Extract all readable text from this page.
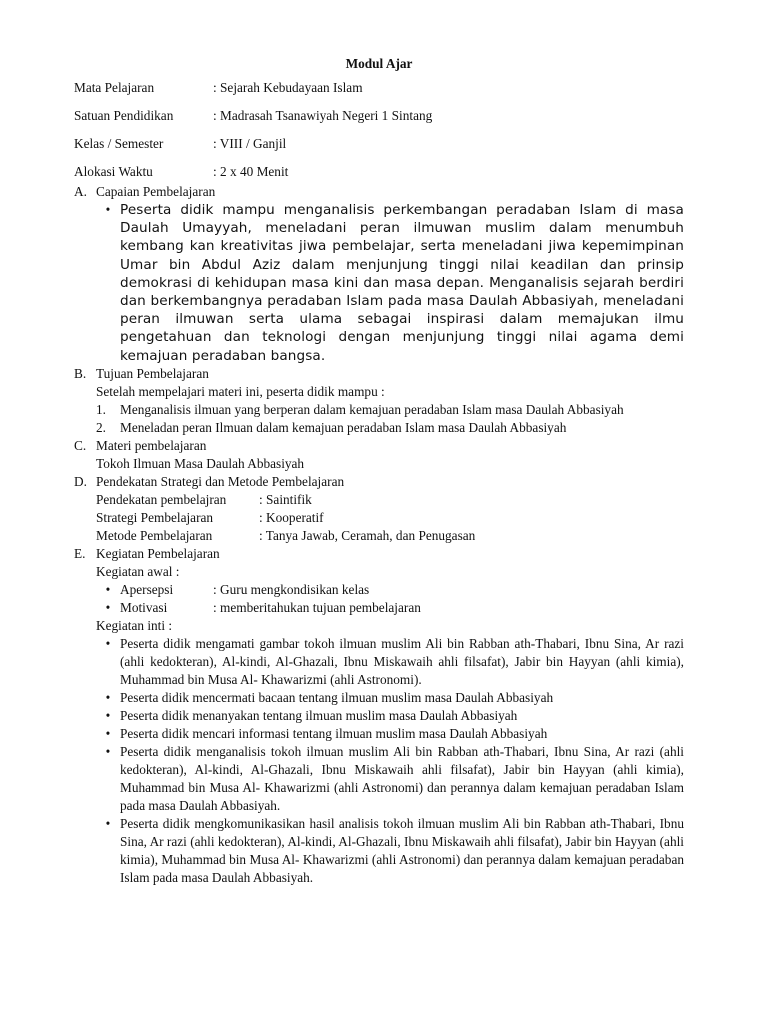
Modul Ajar
Mata Pelajaran	: Sejarah Kebudayaan Islam
Satuan Pendidikan	: Madrasah Tsanawiyah Negeri 1 Sintang
Kelas / Semester	: VIII / Ganjil
Alokasi Waktu	: 2 x 40 Menit
A. Capaian Pembelajaran
• Peserta didik mampu menganalisis perkembangan peradaban Islam di masa Daulah Umayyah, meneladani peran ilmuwan muslim dalam menumbuh kembang kan kreativitas jiwa pembelajar, serta meneladani jiwa kepemimpinan Umar bin Abdul Aziz dalam menjunjung tinggi nilai keadilan dan prinsip demokrasi di kehidupan masa kini dan masa depan. Menganalisis sejarah berdiri dan berkembangnya peradaban Islam pada masa Daulah Abbasiyah, meneladani peran ilmuwan serta ulama sebagai inspirasi dalam memajukan ilmu pengetahuan dan teknologi dengan menjunjung tinggi nilai agama demi kemajuan peradaban bangsa.
B. Tujuan Pembelajaran
Setelah mempelajari materi ini, peserta didik mampu :
1.	Menganalisis ilmuan yang berperan dalam kemajuan peradaban Islam masa Daulah Abbasiyah
2.	Meneladan peran Ilmuan dalam kemajuan peradaban Islam masa Daulah Abbasiyah
C. Materi pembelajaran
Tokoh Ilmuan Masa Daulah Abbasiyah
D. Pendekatan Strategi dan Metode Pembelajaran
Pendekatan pembelajran	: Saintifik
Strategi Pembelajaran	: Kooperatif
Metode Pembelajaran	: Tanya Jawab, Ceramah, dan Penugasan
E. Kegiatan Pembelajaran
Kegiatan awal :
• Apersepsi	: Guru mengkondisikan kelas
• Motivasi	: memberitahukan tujuan pembelajaran
Kegiatan inti :
• Peserta didik mengamati gambar tokoh ilmuan muslim Ali bin Rabban ath-Thabari, Ibnu Sina, Ar razi (ahli kedokteran), Al-kindi, Al-Ghazali, Ibnu Miskawaih ahli filsafat), Jabir bin Hayyan (ahli kimia), Muhammad bin Musa Al- Khawarizmi (ahli Astronomi).
• Peserta didik mencermati bacaan tentang ilmuan muslim masa Daulah Abbasiyah
• Peserta didik menanyakan tentang ilmuan muslim masa Daulah Abbasiyah
• Peserta didik mencari informasi tentang ilmuan muslim masa Daulah Abbasiyah
• Peserta didik menganalisis tokoh ilmuan muslim Ali bin Rabban ath-Thabari, Ibnu Sina, Ar razi (ahli kedokteran), Al-kindi, Al-Ghazali, Ibnu Miskawaih ahli filsafat), Jabir bin Hayyan (ahli kimia), Muhammad bin Musa Al- Khawarizmi (ahli Astronomi) dan perannya dalam kemajuan peradaban Islam pada masa Daulah Abbasiyah.
• Peserta didik mengkomunikasikan hasil analisis tokoh ilmuan muslim Ali bin Rabban ath-Thabari, Ibnu Sina, Ar razi (ahli kedokteran), Al-kindi, Al-Ghazali, Ibnu Miskawaih ahli filsafat), Jabir bin Hayyan (ahli kimia), Muhammad bin Musa Al- Khawarizmi (ahli Astronomi) dan perannya dalam kemajuan peradaban Islam pada masa Daulah Abbasiyah.
